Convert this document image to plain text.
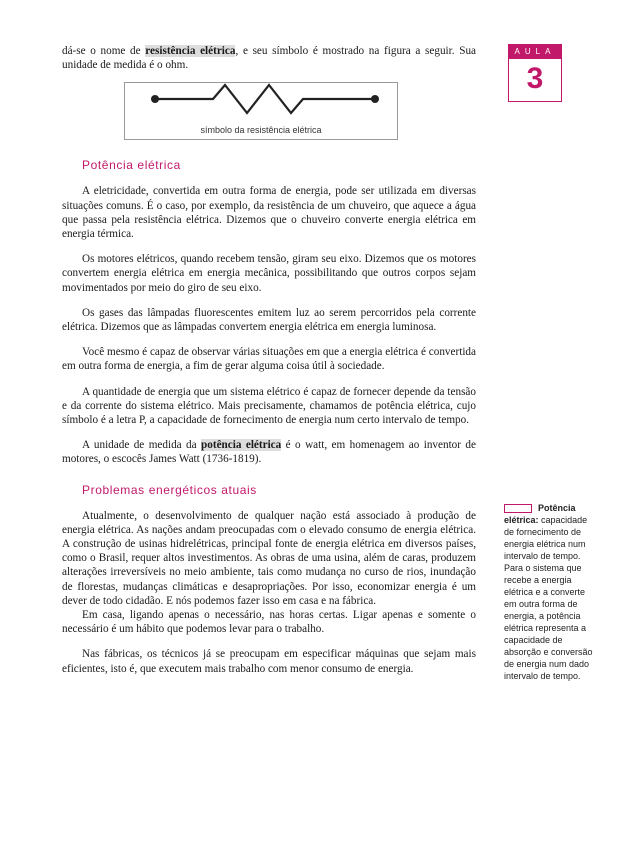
AULA
3

dá-se o nome de resistência elétrica, e seu símbolo é mostrado na figura a seguir. Sua unidade de medida é o ohm.

símbolo da resistência elétrica
Potência elétrica

A eletricidade, convertida em outra forma de energia, pode ser utilizada em diversas situações comuns. É o caso, por exemplo, da resistência de um chuveiro, que aquece a água que passa pela resistência elétrica. Dizemos que o chuveiro converte energia elétrica em energia térmica.

Os motores elétricos, quando recebem tensão, giram seu eixo. Dizemos que os motores convertem energia elétrica em energia mecânica, possibilitando que outros corpos sejam movimentados por meio do giro de seu eixo.

Os gases das lâmpadas fluorescentes emitem luz ao serem percorridos pela corrente elétrica. Dizemos que as lâmpadas convertem energia elétrica em energia luminosa.

Você mesmo é capaz de observar várias situações em que a energia elétrica é convertida em outra forma de energia, a fim de gerar alguma coisa útil à sociedade.

A quantidade de energia que um sistema elétrico é capaz de fornecer depende da tensão e da corrente do sistema elétrico. Mais precisamente, chamamos de potência elétrica, cujo símbolo é a letra P, a capacidade de fornecimento de energia num certo intervalo de tempo.

A unidade de medida da potência elétrica é o watt, em homenagem ao inventor de motores, o escocês James Watt (1736-1819).

Problemas energéticos atuais

Atualmente, o desenvolvimento de qualquer nação está associado à produção de energia elétrica. As nações andam preocupadas com o elevado consumo de energia elétrica. A construção de usinas hidrelétricas, principal fonte de energia elétrica em diversos países, como o Brasil, requer altos investimentos. As obras de uma usina, além de caras, produzem alterações irreversíveis no meio ambiente, tais como mudança no curso de rios, inundação de florestas, mudanças climáticas e desapropriações. Por isso, economizar energia é um dever de todo cidadão. E nós podemos fazer isso em casa e na fábrica.

Em casa, ligando apenas o necessário, nas horas certas. Ligar apenas e somente o necessário é um hábito que podemos levar para o trabalho.

Nas fábricas, os técnicos já se preocupam em especificar máquinas que sejam mais eficientes, isto é, que executem mais trabalho com menor consumo de energia.

Potência elétrica: capacidade de fornecimento de energia elétrica num intervalo de tempo. Para o sistema que recebe a energia elétrica e a converte em outra forma de energia, a potência elétrica representa a capacidade de absorção e conversão de energia num dado intervalo de tempo.
